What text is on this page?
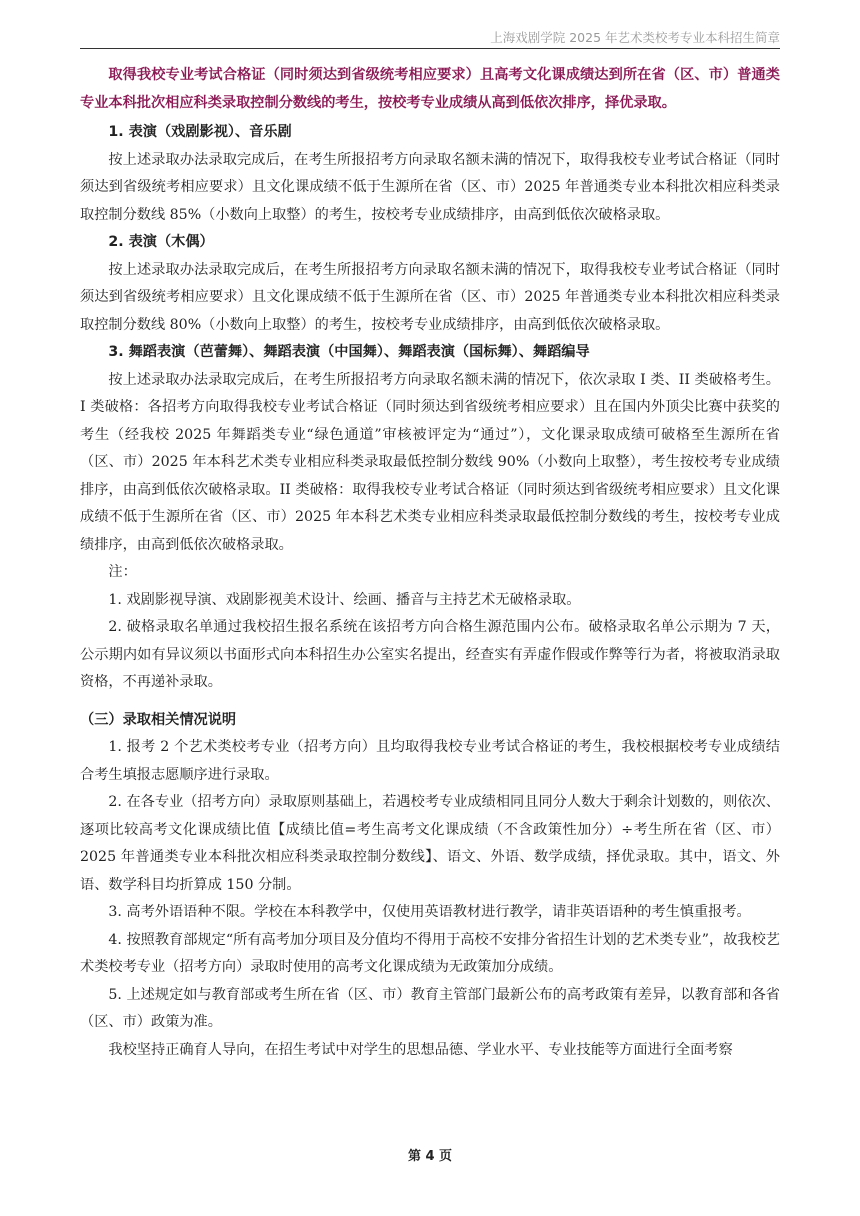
上海戏剧学院 2025 年艺术类校考专业本科招生简章

取得我校专业考试合格证（同时须达到省级统考相应要求）且高考文化课成绩达到所在省（区、市）普通类专业本科批次相应科类录取控制分数线的考生，按校考专业成绩从高到低依次排序，择优录取。

1. 表演（戏剧影视）、音乐剧

按上述录取办法录取完成后，在考生所报招考方向录取名额未满的情况下，取得我校专业考试合格证（同时须达到省级统考相应要求）且文化课成绩不低于生源所在省（区、市）2025 年普通类专业本科批次相应科类录取控制分数线 85%（小数向上取整）的考生，按校考专业成绩排序，由高到低依次破格录取。

2. 表演（木偶）

按上述录取办法录取完成后，在考生所报招考方向录取名额未满的情况下，取得我校专业考试合格证（同时须达到省级统考相应要求）且文化课成绩不低于生源所在省（区、市）2025 年普通类专业本科批次相应科类录取控制分数线 80%（小数向上取整）的考生，按校考专业成绩排序，由高到低依次破格录取。

3. 舞蹈表演（芭蕾舞）、舞蹈表演（中国舞）、舞蹈表演（国标舞）、舞蹈编导

按上述录取办法录取完成后，在考生所报招考方向录取名额未满的情况下，依次录取 I 类、II 类破格考生。I 类破格：各招考方向取得我校专业考试合格证（同时须达到省级统考相应要求）且在国内外顶尖比赛中获奖的考生（经我校 2025 年舞蹈类专业“绿色通道”审核被评定为“通过”），文化课录取成绩可破格至生源所在省（区、市）2025 年本科艺术类专业相应科类录取最低控制分数线 90%（小数向上取整），考生按校考专业成绩排序，由高到低依次破格录取。II 类破格：取得我校专业考试合格证（同时须达到省级统考相应要求）且文化课成绩不低于生源所在省（区、市）2025 年本科艺术类专业相应科类录取最低控制分数线的考生，按校考专业成绩排序，由高到低依次破格录取。

注：

1. 戏剧影视导演、戏剧影视美术设计、绘画、播音与主持艺术无破格录取。

2. 破格录取名单通过我校招生报名系统在该招考方向合格生源范围内公布。破格录取名单公示期为 7 天，公示期内如有异议须以书面形式向本科招生办公室实名提出，经查实有弄虚作假或作弊等行为者，将被取消录取资格，不再递补录取。

（三）录取相关情况说明

1. 报考 2 个艺术类校考专业（招考方向）且均取得我校专业考试合格证的考生，我校根据校考专业成绩结合考生填报志愿顺序进行录取。

2. 在各专业（招考方向）录取原则基础上，若遇校考专业成绩相同且同分人数大于剩余计划数的，则依次、逐项比较高考文化课成绩比值【成绩比值=考生高考文化课成绩（不含政策性加分）÷考生所在省（区、市）2025 年普通类专业本科批次相应科类录取控制分数线】、语文、外语、数学成绩，择优录取。其中，语文、外语、数学科目均折算成 150 分制。

3. 高考外语语种不限。学校在本科教学中，仅使用英语教材进行教学，请非英语语种的考生慎重报考。

4. 按照教育部规定“所有高考加分项目及分值均不得用于高校不安排分省招生计划的艺术类专业”，故我校艺术类校考专业（招考方向）录取时使用的高考文化课成绩为无政策加分成绩。

5. 上述规定如与教育部或考生所在省（区、市）教育主管部门最新公布的高考政策有差异，以教育部和各省（区、市）政策为准。

我校坚持正确育人导向，在招生考试中对学生的思想品德、学业水平、专业技能等方面进行全面考察

第 4 页
